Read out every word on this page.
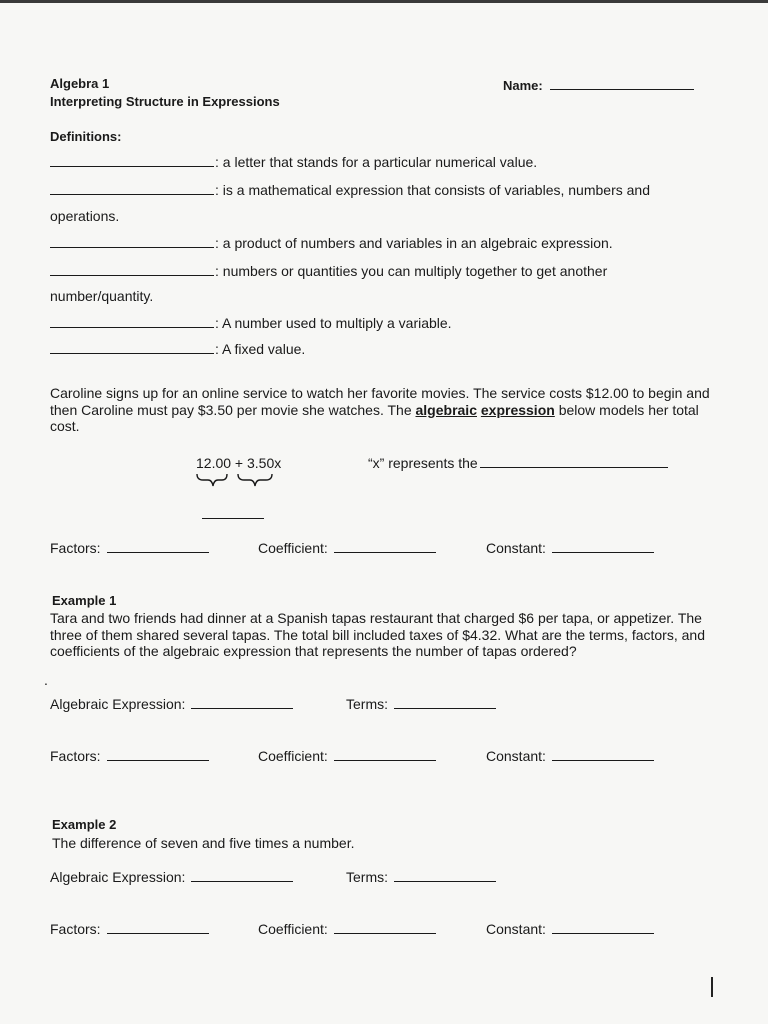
Algebra 1
Interpreting Structure in Expressions
Name:
Definitions:
: a letter that stands for a particular numerical value.
: is a mathematical expression that consists of variables, numbers and
operations.
: a product of numbers and variables in an algebraic expression.
: numbers or quantities you can multiply together to get another
number/quantity.
: A number used to multiply a variable.
: A fixed value.
Caroline signs up for an online service to watch her favorite movies. The service costs $12.00 to begin and then Caroline must pay $3.50 per movie she watches. The algebraic expression below models her total cost.
12.00 + 3.50x	“x” represents the
Factors:	Coefficient:	Constant:
Example 1
Tara and two friends had dinner at a Spanish tapas restaurant that charged $6 per tapa, or appetizer. The three of them shared several tapas. The total bill included taxes of $4.32. What are the terms, factors, and coefficients of the algebraic expression that represents the number of tapas ordered?
.
Algebraic Expression:	Terms:
Factors:	Coefficient:	Constant:
Example 2
The difference of seven and five times a number.
Algebraic Expression:	Terms:
Factors:	Coefficient:	Constant:
